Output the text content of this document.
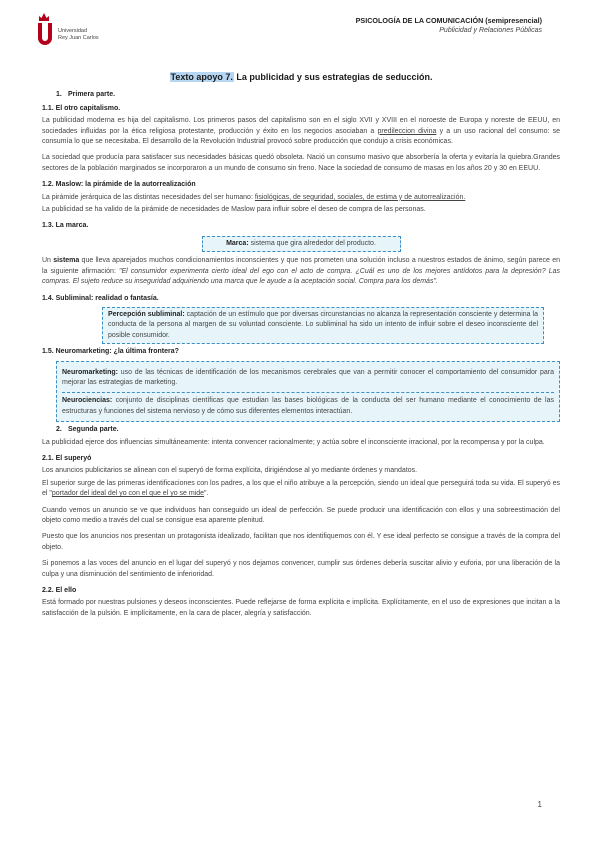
Universidad
Rey Juan Carlos
PSICOLOGÍA DE LA COMUNICACIÓN (semipresencial)
Publicidad y Relaciones Públicas
Texto apoyo 7. La publicidad y sus estrategias de seducción.
1. Primera parte.
1.1. El otro capitalismo.
La publicidad moderna es hija del capitalismo. Los primeros pasos del capitalismo son en el siglo XVII y XVIII en el noroeste de Europa y noreste de EEUU, en sociedades influidas por la ética religiosa protestante, producción y éxito en los negocios asociaban a predileccion divina y a un uso racional del consumo: se consumía lo que se necesitaba. El desarrollo de la Revolución Industrial provocó sobre producción que condujo a crisis económicas.
La sociedad que producía para satisfacer sus necesidades básicas quedó obsoleta. Nació un consumo masivo que absorbería la oferta y evitaría la quiebra.Grandes sectores de la población marginados se incorporaron a un mundo de consumo sin freno. Nace la sociedad de consumo de masas en los años 20 y 30 en EEUU.
1.2. Maslow: la pirámide de la autorrealización
La pirámide jerárquica de las distintas necesidades del ser humano: fisiológicas, de seguridad, sociales, de estima y de autorrealización.
La publicidad se ha valido de la pirámide de necesidades de Maslow para influir sobre el deseo de compra de las personas.
1.3. La marca.
Marca: sistema que gira alrededor del producto.
Un sistema que lleva aparejados muchos condicionamientos inconscientes y que nos prometen una solución incluso a nuestros estados de ánimo, según parece en la siguiente afirmación: "El consumidor experimenta cierto ideal del ego con el acto de compra. ¿Cuál es uno de los mejores antídotos para la depresión? Las compras. El sujeto reduce su inseguridad adquiriendo una marca que le ayude a la aceptación social. Compra para los demás".
1.4. Subliminal: realidad o fantasía.
Percepción subliminal: captación de un estímulo que por diversas circunstancias no alcanza la representación consciente y determina la conducta de la persona al margen de su voluntad consciente. Lo subliminal ha sido un intento de influir sobre el deseo inconsciente del posible consumidor.
1.5. Neuromarketing: ¿la última frontera?
Neuromarketing: uso de las técnicas de identificación de los mecanismos cerebrales que van a permitir conocer el comportamiento del consumidor para mejorar las estrategias de marketing.
Neurociencias: conjunto de disciplinas científicas que estudian las bases biológicas de la conducta del ser humano mediante el conocimiento de las estructuras y funciones del sistema nervioso y de cómo sus diferentes elementos interactúan.
2. Segunda parte.
La publicidad ejerce dos influencias simultáneamente: intenta convencer racionalmente; y actúa sobre el inconsciente irracional, por la recompensa y por la culpa.
2.1. El superyó
Los anuncios publicitarios se alinean con el superyó de forma explícita, dirigiéndose al yo mediante órdenes y mandatos.
El superior surge de las primeras identificaciones con los padres, a los que el niño atribuye a la percepción, siendo un ideal que perseguirá toda su vida. El superyó es el "portador del ideal del yo con el que el yo se mide".
Cuando vemos un anuncio se ve que individuos han conseguido un ideal de perfección. Se puede producir una identificación con ellos y una sobreestimación del objeto como medio a través del cual se consigue esa aparente plenitud.
Puesto que los anuncios nos presentan un protagonista idealizado, facilitan que nos identifiquemos con él. Y ese ideal perfecto se consigue a través de la compra del objeto.
Si ponemos a las voces del anuncio en el lugar del superyó y nos dejamos convencer, cumplir sus órdenes debería suscitar alivio y euforia, por una liberación de la culpa y una disminución del sentimiento de inferioridad.
2.2. El ello
Está formado por nuestras pulsiones y deseos inconscientes. Puede reflejarse de forma explícita e implícita. Explícitamente, en el uso de expresiones que incitan a la satisfacción de la pulsión. E implícitamente, en la cara de placer, alegría y satisfacción.
1
